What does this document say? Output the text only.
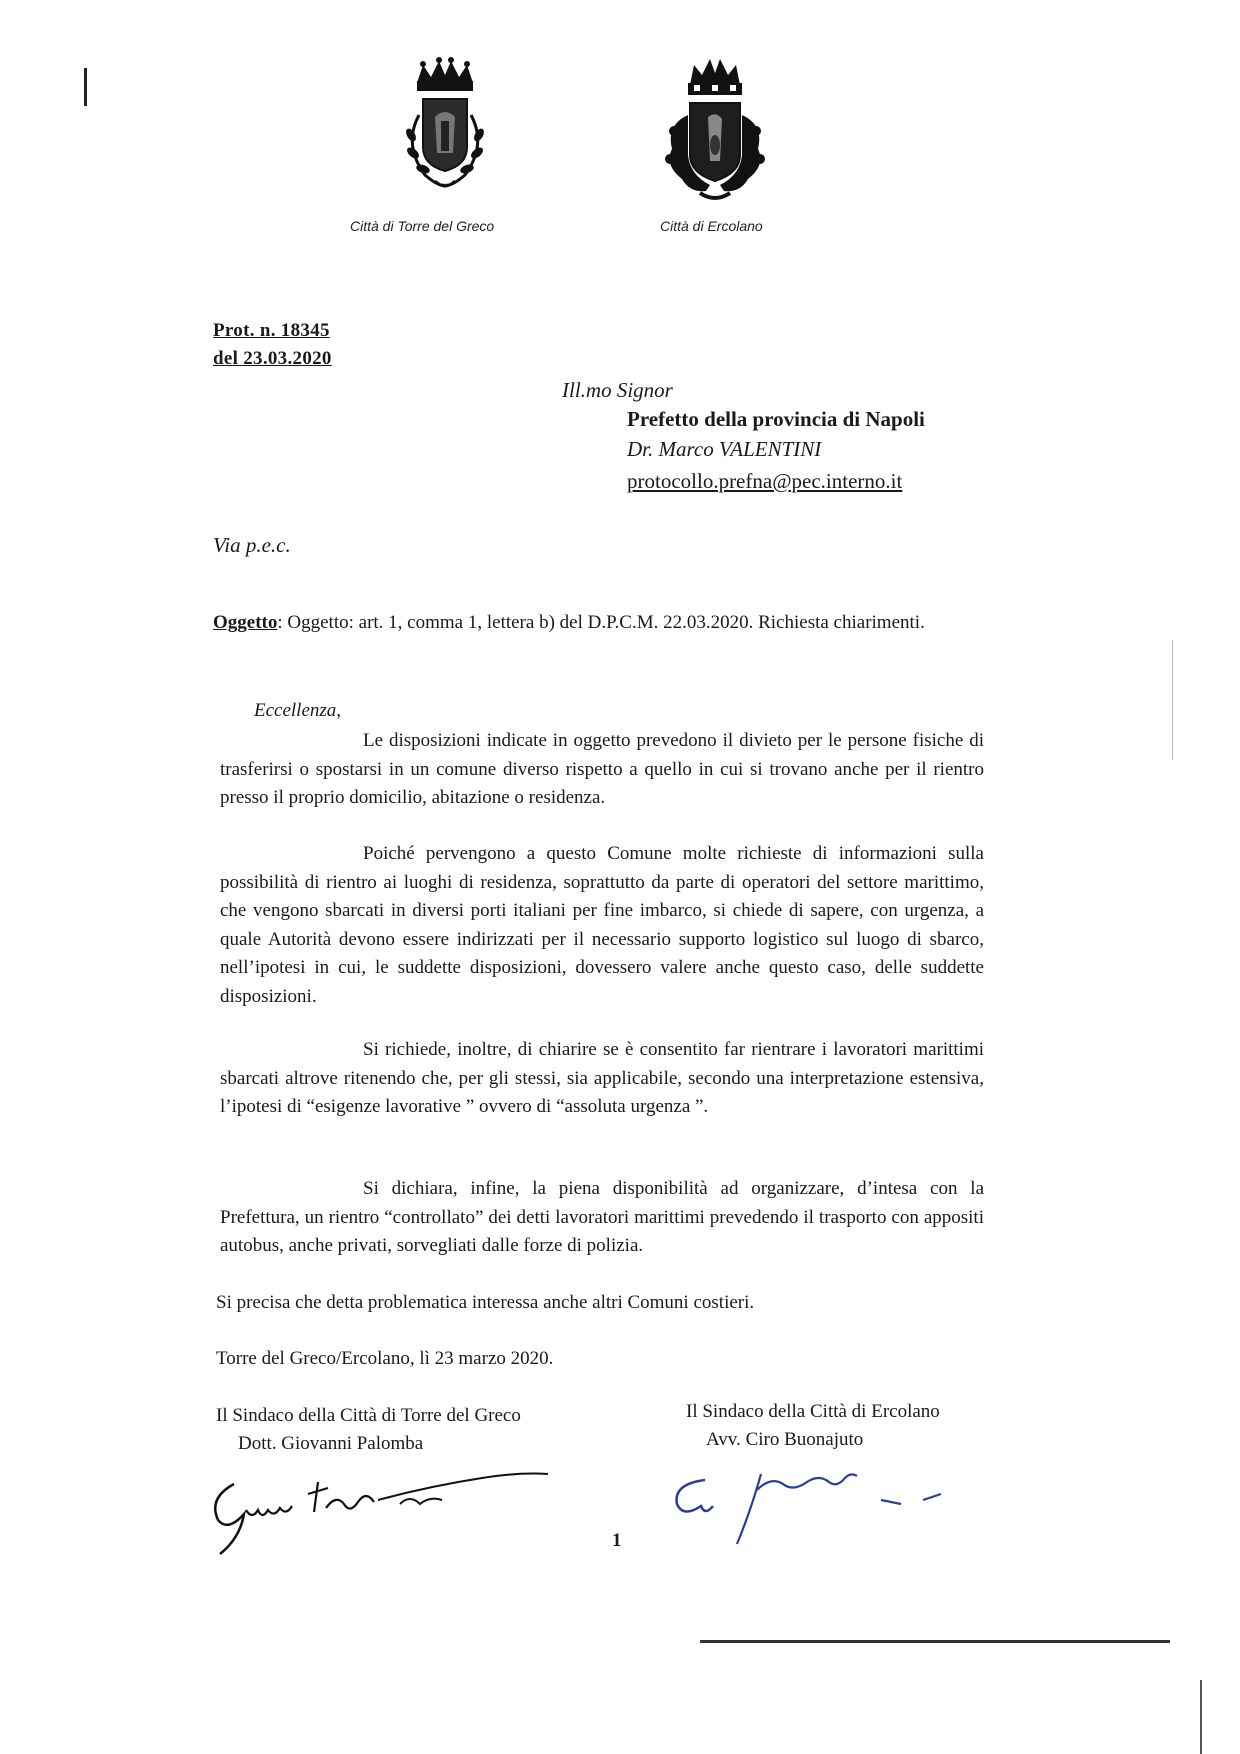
Città di Torre del Greco	Città di Ercolano
Prot. n. 18345
del 23.03.2020
Ill.mo Signor
Prefetto della provincia di Napoli
Dr. Marco VALENTINI
protocollo.prefna@pec.interno.it
Via p.e.c.
Oggetto: Oggetto: art. 1, comma 1, lettera b) del D.P.C.M. 22.03.2020. Richiesta chiarimenti.
Eccellenza,
Le disposizioni indicate in oggetto prevedono il divieto per le persone fisiche di trasferirsi o spostarsi in un comune diverso rispetto a quello in cui si trovano anche per il rientro presso il proprio domicilio, abitazione o residenza.
Poiché pervengono a questo Comune molte richieste di informazioni sulla possibilità di rientro ai luoghi di residenza, soprattutto da parte di operatori del settore marittimo, che vengono sbarcati in diversi porti italiani per fine imbarco, si chiede di sapere, con urgenza, a quale Autorità devono essere indirizzati per il necessario supporto logistico sul luogo di sbarco, nell’ipotesi in cui, le suddette disposizioni, dovessero valere anche questo caso, delle suddette disposizioni.
Si richiede, inoltre, di chiarire se è consentito far rientrare i lavoratori marittimi sbarcati altrove ritenendo che, per gli stessi, sia applicabile, secondo una interpretazione estensiva, l’ipotesi di “esigenze lavorative ” ovvero di “assoluta urgenza ”.
Si dichiara, infine, la piena disponibilità ad organizzare, d’intesa con la Prefettura, un rientro “controllato” dei detti lavoratori marittimi prevedendo il trasporto con appositi autobus, anche privati, sorvegliati dalle forze di polizia.
Si precisa che detta problematica interessa anche altri Comuni costieri.
Torre del Greco/Ercolano, lì 23 marzo 2020.
Il Sindaco della Città di Torre del Greco
Dott. Giovanni Palomba
Il Sindaco della Città di Ercolano
Avv. Ciro Buonajuto
1
